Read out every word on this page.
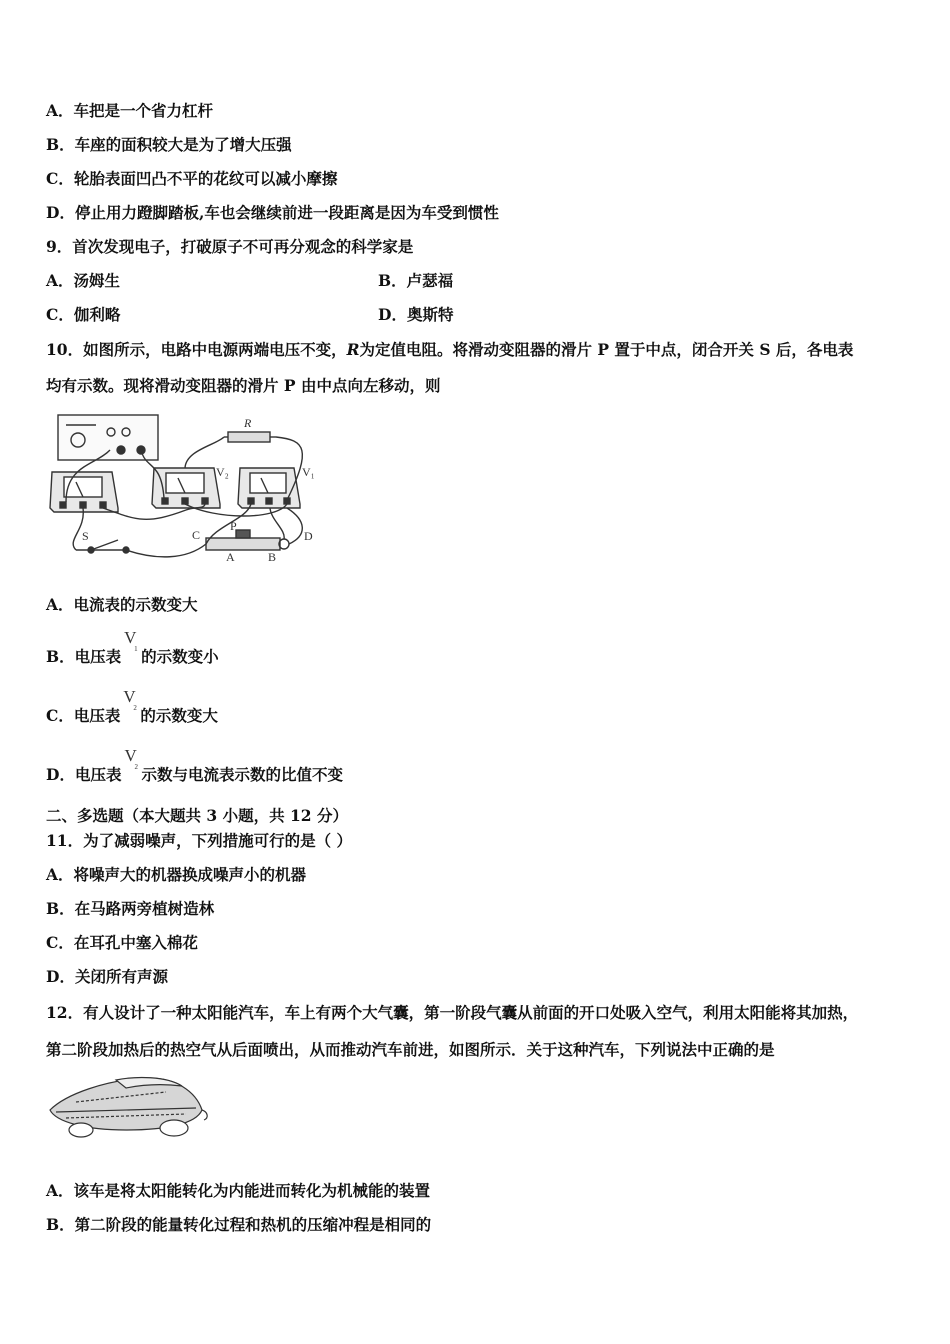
A．车把是一个省力杠杆
B．车座的面积较大是为了增大压强
C．轮胎表面凹凸不平的花纹可以减小摩擦
D．停止用力蹬脚踏板,车也会继续前进一段距离是因为车受到惯性
9．首次发现电子，打破原子不可再分观念的科学家是
A．汤姆生	B．卢瑟福
C．伽利略	D．奥斯特
10．如图所示，电路中电源两端电压不变，R为定值电阻。将滑动变阻器的滑片 P 置于中点，闭合开关 S 后，各电表
均有示数。现将滑动变阻器的滑片 P 由中点向左移动，则
R
V₂	V₁
S	C
P
D
A	B
A．电流表的示数变大
B．电压表
V
1 的示数变小
C．电压表
V
2 的示数变大
D．电压表
V
2 示数与电流表示数的比值不变
二、多选题（本大题共 3 小题，共 12 分）
11．为了减弱噪声，下列措施可行的是（ ）
A．将噪声大的机器换成噪声小的机器
B．在马路两旁植树造林
C．在耳孔中塞入棉花
D．关闭所有声源
12．有人设计了一种太阳能汽车，车上有两个大气囊，第一阶段气囊从前面的开口处吸入空气，利用太阳能将其加热，
第二阶段加热后的热空气从后面喷出，从而推动汽车前进，如图所示．关于这种汽车，下列说法中正确的是
A．该车是将太阳能转化为内能进而转化为机械能的装置
B．第二阶段的能量转化过程和热机的压缩冲程是相同的
